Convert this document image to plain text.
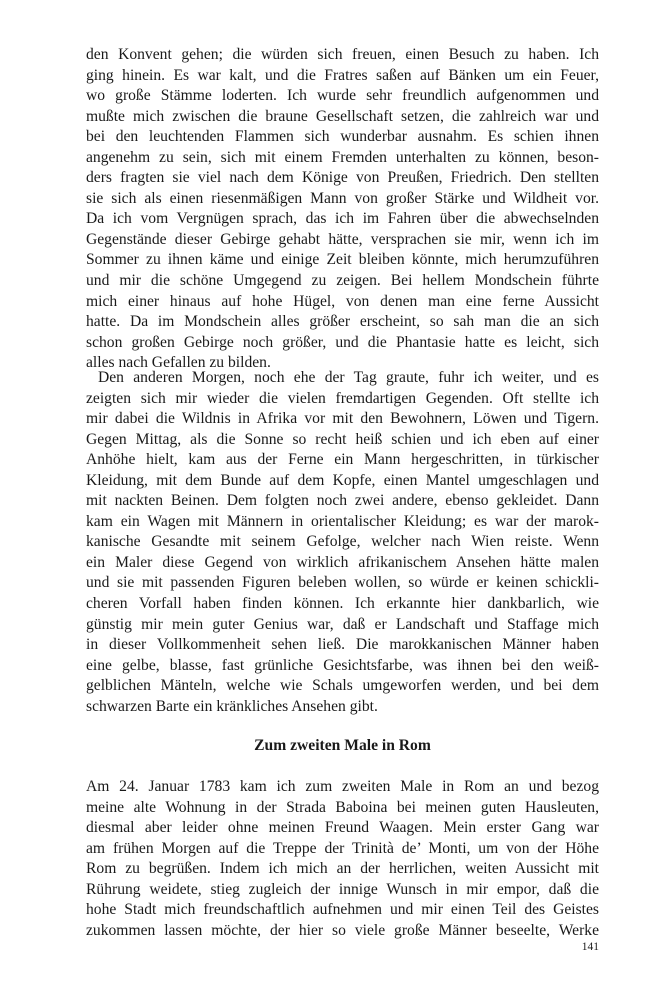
den Konvent gehen; die würden sich freuen, einen Besuch zu haben. Ich
ging hinein. Es war kalt, und die Fratres saßen auf Bänken um ein Feuer,
wo große Stämme loderten. Ich wurde sehr freundlich aufgenommen und
mußte mich zwischen die braune Gesellschaft setzen, die zahlreich war und
bei den leuchtenden Flammen sich wunderbar ausnahm. Es schien ihnen
angenehm zu sein, sich mit einem Fremden unterhalten zu können, beson-
ders fragten sie viel nach dem Könige von Preußen, Friedrich. Den stellten
sie sich als einen riesenmäßigen Mann von großer Stärke und Wildheit vor.
Da ich vom Vergnügen sprach, das ich im Fahren über die abwechselnden
Gegenstände dieser Gebirge gehabt hätte, versprachen sie mir, wenn ich im
Sommer zu ihnen käme und einige Zeit bleiben könnte, mich herumzuführen
und mir die schöne Umgegend zu zeigen. Bei hellem Mondschein führte
mich einer hinaus auf hohe Hügel, von denen man eine ferne Aussicht
hatte. Da im Mondschein alles größer erscheint, so sah man die an sich
schon großen Gebirge noch größer, und die Phantasie hatte es leicht, sich
alles nach Gefallen zu bilden.
Den anderen Morgen, noch ehe der Tag graute, fuhr ich weiter, und es
zeigten sich mir wieder die vielen fremdartigen Gegenden. Oft stellte ich
mir dabei die Wildnis in Afrika vor mit den Bewohnern, Löwen und Tigern.
Gegen Mittag, als die Sonne so recht heiß schien und ich eben auf einer
Anhöhe hielt, kam aus der Ferne ein Mann hergeschritten, in türkischer
Kleidung, mit dem Bunde auf dem Kopfe, einen Mantel umgeschlagen und
mit nackten Beinen. Dem folgten noch zwei andere, ebenso gekleidet. Dann
kam ein Wagen mit Männern in orientalischer Kleidung; es war der marok-
kanische Gesandte mit seinem Gefolge, welcher nach Wien reiste. Wenn
ein Maler diese Gegend von wirklich afrikanischem Ansehen hätte malen
und sie mit passenden Figuren beleben wollen, so würde er keinen schickli-
cheren Vorfall haben finden können. Ich erkannte hier dankbarlich, wie
günstig mir mein guter Genius war, daß er Landschaft und Staffage mich
in dieser Vollkommenheit sehen ließ. Die marokkanischen Männer haben
eine gelbe, blasse, fast grünliche Gesichtsfarbe, was ihnen bei den weiß-
gelblichen Mänteln, welche wie Schals umgeworfen werden, und bei dem
schwarzen Barte ein kränkliches Ansehen gibt.
Zum zweiten Male in Rom
Am 24. Januar 1783 kam ich zum zweiten Male in Rom an und bezog
meine alte Wohnung in der Strada Baboina bei meinen guten Hausleuten,
diesmal aber leider ohne meinen Freund Waagen. Mein erster Gang war
am frühen Morgen auf die Treppe der Trinità de’ Monti, um von der Höhe
Rom zu begrüßen. Indem ich mich an der herrlichen, weiten Aussicht mit
Rührung weidete, stieg zugleich der innige Wunsch in mir empor, daß die
hohe Stadt mich freundschaftlich aufnehmen und mir einen Teil des Geistes
zukommen lassen möchte, der hier so viele große Männer beseelte, Werke
141
